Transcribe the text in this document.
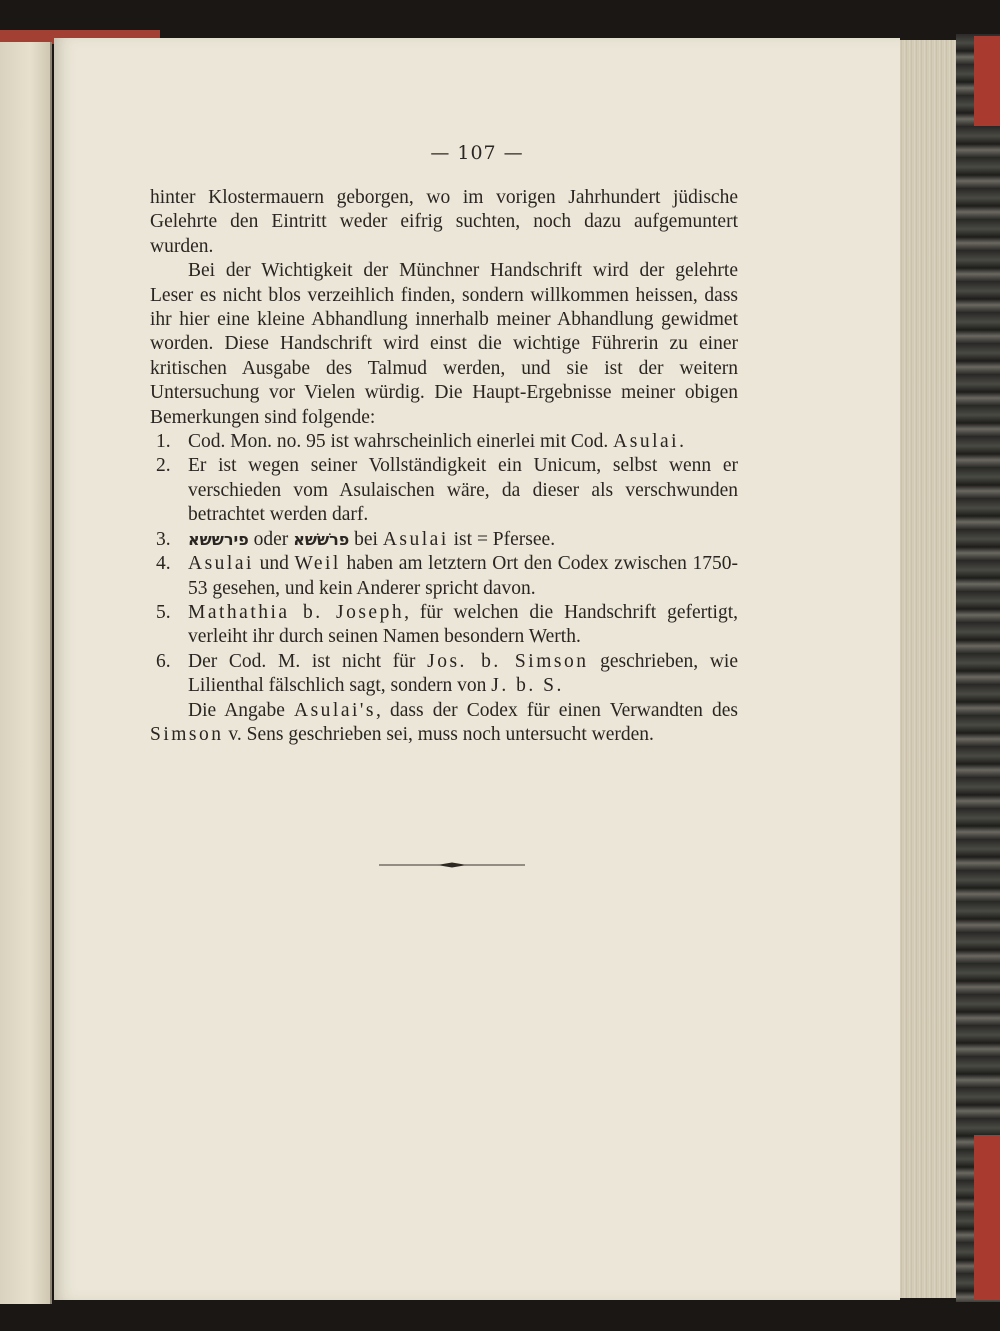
— 107 —

hinter Klostermauern geborgen, wo im vorigen Jahrhundert jüdische Gelehrte den Eintritt weder eifrig suchten, noch dazu aufgemuntert wurden.

Bei der Wichtigkeit der Münchner Handschrift wird der gelehrte Leser es nicht blos verzeihlich finden, sondern willkommen heissen, dass ihr hier eine kleine Abhandlung innerhalb meiner Abhandlung gewidmet worden. Diese Handschrift wird einst die wichtige Führerin zu einer kritischen Ausgabe des Talmud werden, und sie ist der weitern Untersuchung vor Vielen würdig. Die Haupt-Ergebnisse meiner obigen Bemerkungen sind folgende:

1. Cod. Mon. no. 95 ist wahrscheinlich einerlei mit Cod. Asulai.
2. Er ist wegen seiner Vollständigkeit ein Unicum, selbst wenn er verschieden vom Asulaischen wäre, da dieser als verschwunden betrachtet werden darf.
3.	פירששא oder פרשׁשׁא bei Asulai ist = Pfersee.
4. Asulai und Weil haben am letztern Ort den Codex zwischen 1750-53 gesehen, und kein Anderer spricht davon.
5. Mathathia b. Joseph, für welchen die Handschrift gefertigt, verleiht ihr durch seinen Namen besondern Werth.
6. Der Cod. M. ist nicht für Jos. b. Simson geschrieben, wie Lilienthal fälschlich sagt, sondern von J. b. S.

Die Angabe Asulai's, dass der Codex für einen Verwandten des Simson v. Sens geschrieben sei, muss noch untersucht werden.
